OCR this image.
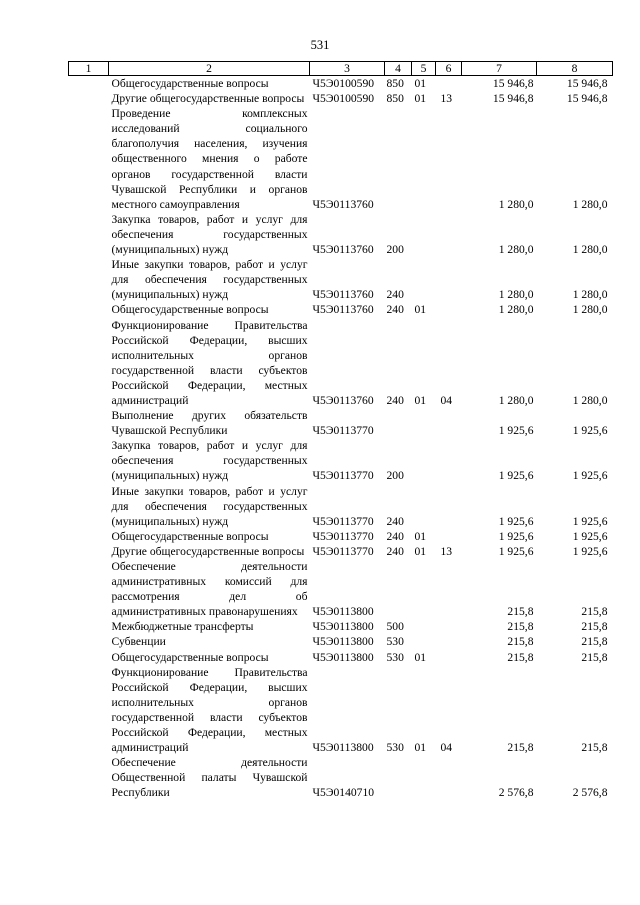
531
1	2	3	4	5	6	7	8
	Общегосударственные вопросы	Ч5Э0100590	850	01		15 946,8	15 946,8
	Другие общегосударственные вопросы	Ч5Э0100590	850	01	13	15 946,8	15 946,8
	Проведение комплексных исследований социального благополучия населения, изучения общественного мнения о работе органов государственной власти Чувашской Республики и органов местного самоуправления	Ч5Э0113760				1 280,0	1 280,0
	Закупка товаров, работ и услуг для обеспечения государственных (муниципальных) нужд	Ч5Э0113760	200			1 280,0	1 280,0
	Иные закупки товаров, работ и услуг для обеспечения государственных (муниципальных) нужд	Ч5Э0113760	240			1 280,0	1 280,0
	Общегосударственные вопросы	Ч5Э0113760	240	01		1 280,0	1 280,0
	Функционирование Правительства Российской Федерации, высших исполнительных органов государственной власти субъектов Российской Федерации, местных администраций	Ч5Э0113760	240	01	04	1 280,0	1 280,0
	Выполнение других обязательств Чувашской Республики	Ч5Э0113770				1 925,6	1 925,6
	Закупка товаров, работ и услуг для обеспечения государственных (муниципальных) нужд	Ч5Э0113770	200			1 925,6	1 925,6
	Иные закупки товаров, работ и услуг для обеспечения государственных (муниципальных) нужд	Ч5Э0113770	240			1 925,6	1 925,6
	Общегосударственные вопросы	Ч5Э0113770	240	01		1 925,6	1 925,6
	Другие общегосударственные вопросы	Ч5Э0113770	240	01	13	1 925,6	1 925,6
	Обеспечение деятельности административных комиссий для рассмотрения дел об административных правонарушениях	Ч5Э0113800				215,8	215,8
	Межбюджетные трансферты	Ч5Э0113800	500			215,8	215,8
	Субвенции	Ч5Э0113800	530			215,8	215,8
	Общегосударственные вопросы	Ч5Э0113800	530	01		215,8	215,8
	Функционирование Правительства Российской Федерации, высших исполнительных органов государственной власти субъектов Российской Федерации, местных администраций	Ч5Э0113800	530	01	04	215,8	215,8
	Обеспечение деятельности Общественной палаты Чувашской Республики	Ч5Э0140710				2 576,8	2 576,8
